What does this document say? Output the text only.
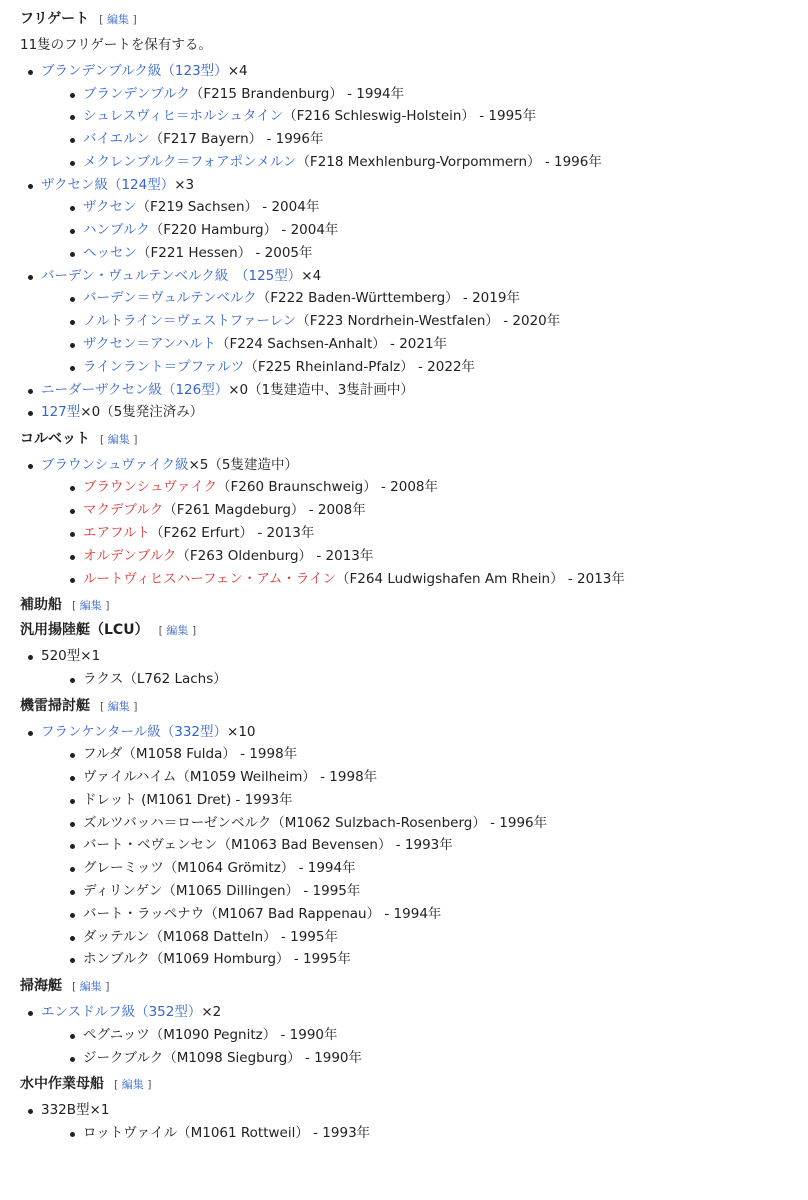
フリゲート [ 編集 ]

11隻のフリゲートを保有する。

ブランデンブルク級（123型）×4
ブランデンブルク（F215 Brandenburg） - 1994年
シュレスヴィヒ＝ホルシュタイン（F216 Schleswig-Holstein） - 1995年
バイエルン（F217 Bayern） - 1996年
メクレンブルク＝フォアポンメルン（F218 Mexhlenburg-Vorpommern） - 1996年
ザクセン級（124型）×3
ザクセン（F219 Sachsen） - 2004年
ハンブルク（F220 Hamburg） - 2004年
ヘッセン（F221 Hessen） - 2005年
バーデン・ヴュルテンベルク級　（125型）×4
バーデン＝ヴュルテンベルク（F222 Baden-Württemberg） - 2019年
ノルトライン＝ヴェストファーレン（F223 Nordrhein-Westfalen） - 2020年
ザクセン＝アンハルト（F224 Sachsen-Anhalt） - 2021年
ラインラント＝プファルツ（F225 Rheinland-Pfalz） - 2022年
ニーダーザクセン級（126型）×0（1隻建造中、3隻計画中）
127型×0（5隻発注済み）
コルベット [ 編集 ]
ブラウンシュヴァイク級×5（5隻建造中）
ブラウンシュヴァイク（F260 Braunschweig） - 2008年
マクデブルク（F261 Magdeburg） - 2008年
エアフルト（F262 Erfurt） - 2013年
オルデンブルク（F263 Oldenburg） - 2013年
ルートヴィヒスハーフェン・アム・ライン（F264 Ludwigshafen Am Rhein） - 2013年
補助船 [ 編集 ]
汎用揚陸艇（LCU） [ 編集 ]
520型×1
ラクス（L762 Lachs）
機雷掃討艇 [ 編集 ]
フランケンタール級（332型）×10
フルダ（M1058 Fulda） - 1998年
ヴァイルハイム（M1059 Weilheim） - 1998年
ドレット (M1061 Dret) - 1993年
ズルツバッハ＝ローゼンベルク（M1062 Sulzbach-Rosenberg） - 1996年
バート・ベヴェンセン（M1063 Bad Bevensen） - 1993年
グレーミッツ（M1064 Grömitz） - 1994年
ディリンゲン（M1065 Dillingen） - 1995年
バート・ラッペナウ（M1067 Bad Rappenau） - 1994年
ダッテルン（M1068 Datteln） - 1995年
ホンブルク（M1069 Homburg） - 1995年
掃海艇 [ 編集 ]
エンスドルフ級（352型）×2
ペグニッツ（M1090 Pegnitz） - 1990年
ジークブルク（M1098 Siegburg） - 1990年
水中作業母船 [ 編集 ]
332B型×1
ロットヴァイル（M1061 Rottweil） - 1993年
